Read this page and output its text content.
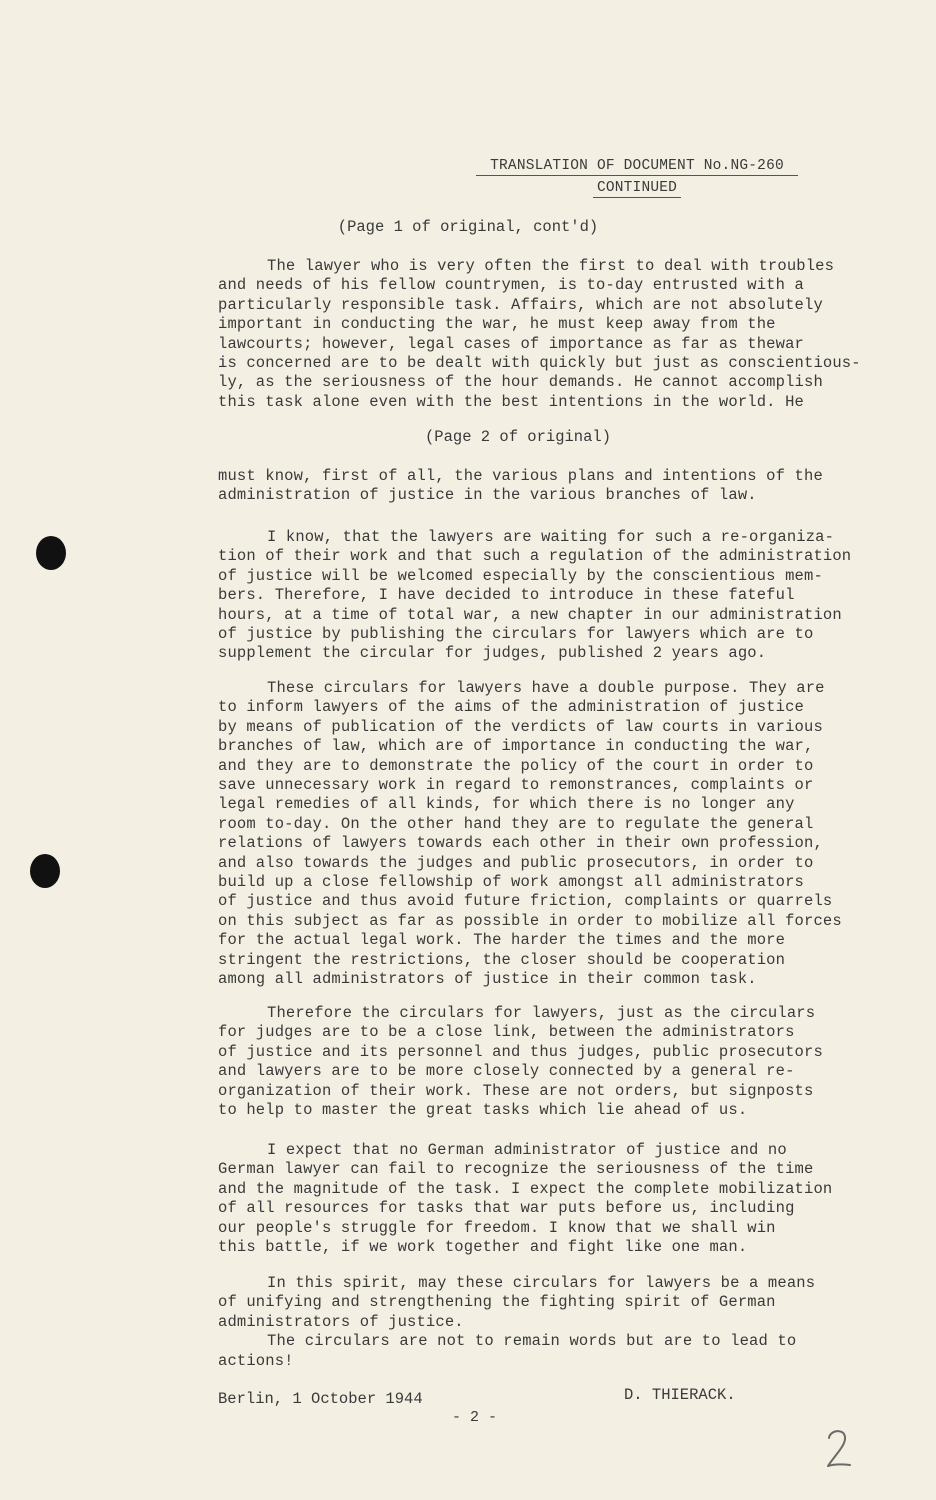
TRANSLATION OF DOCUMENT No.NG-260
CONTINUED
(Page 1 of original, cont'd)
The lawyer who is very often the first to deal with troubles
and needs of his fellow countrymen, is to-day entrusted with a
particularly responsible task. Affairs, which are not absolutely
important in conducting the war, he must keep away from the
lawcourts; however, legal cases of importance as far as thewar
is concerned are to be dealt with quickly but just as conscientious-
ly, as the seriousness of the hour demands. He cannot accomplish
this task alone even with the best intentions in the world. He
(Page 2 of original)
must know, first of all, the various plans and intentions of the
administration of justice in the various branches of law.
I know, that the lawyers are waiting for such a re-organiza-
tion of their work and that such a regulation of the administration
of justice will be welcomed especially by the conscientious mem-
bers. Therefore, I have decided to introduce in these fateful
hours, at a time of total war, a new chapter in our administration
of justice by publishing the circulars for lawyers which are to
supplement the circular for judges, published 2 years ago.
These circulars for lawyers have a double purpose. They are
to inform lawyers of the aims of the administration of justice
by means of publication of the verdicts of law courts in various
branches of law, which are of importance in conducting the war,
and they are to demonstrate the policy of the court in order to
save unnecessary work in regard to remonstrances, complaints or
legal remedies of all kinds, for which there is no longer any
room to-day. On the other hand they are to regulate the general
relations of lawyers towards each other in their own profession,
and also towards the judges and public prosecutors, in order to
build up a close fellowship of work amongst all administrators
of justice and thus avoid future friction, complaints or quarrels
on this subject as far as possible in order to mobilize all forces
for the actual legal work. The harder the times and the more
stringent the restrictions, the closer should be cooperation
among all administrators of justice in their common task.
Therefore the circulars for lawyers, just as the circulars
for judges are to be a close link, between the administrators
of justice and its personnel and thus judges, public prosecutors
and lawyers are to be more closely connected by a general re-
organization of their work. These are not orders, but signposts
to help to master the great tasks which lie ahead of us.
I expect that no German administrator of justice and no
German lawyer can fail to recognize the seriousness of the time
and the magnitude of the task. I expect the complete mobilization
of all resources for tasks that war puts before us, including
our people's struggle for freedom. I know that we shall win
this battle, if we work together and fight like one man.
In this spirit, may these circulars for lawyers be a means
of unifying and strengthening the fighting spirit of German
administrators of justice.
The circulars are not to remain words but are to lead to
actions!
Berlin, 1 October 1944	D. THIERACK.
- 2 -
